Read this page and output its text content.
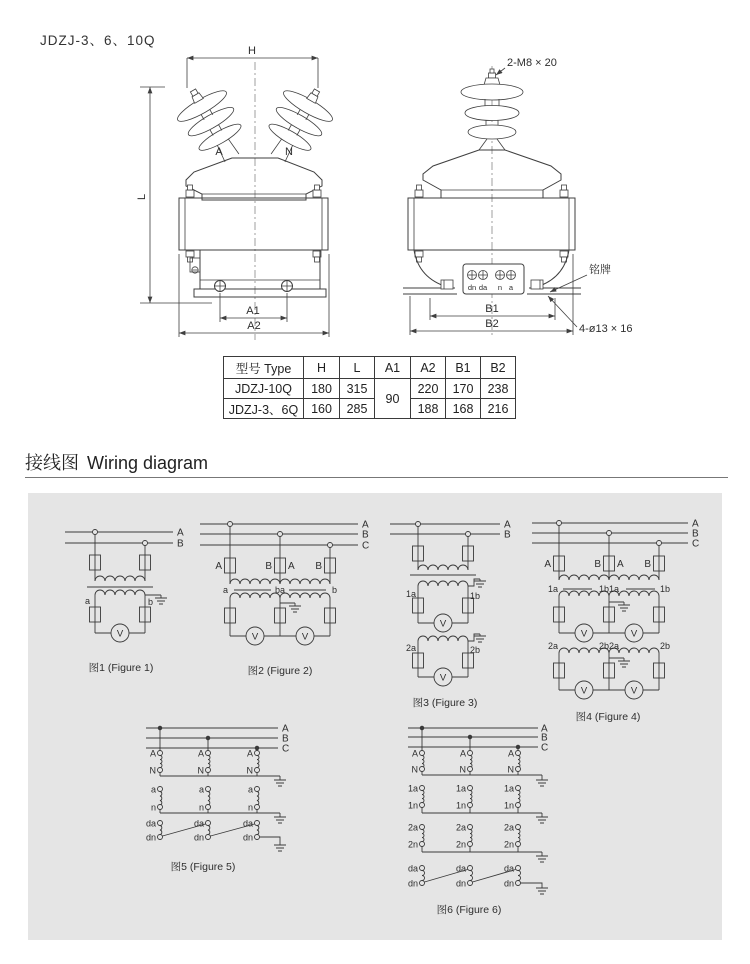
JDZJ-3、6、10Q
H
L
A	N
A1
A2
2-M8 × 20
dn da n a
铭牌
4-ø13 × 16
B1
B2
型号 Type	H	L	A1	A2	B1	B2
JDZJ-10Q	180	315	90	220	170	238
JDZJ-3、6Q	160	285		188	168	216
接线图 Wiring diagram
A
B
a	b
V
图1 (Figure 1)
A
B
C
A	B A B
a	ba	b
V	V
图2 (Figure 2)
A
B
1a	1b
V
2a	2b
V
图3 (Figure 3)
A
B
C
A	B A B
1a	1b1a	1b
V	V
2a	2b2a	2b
V	V
图4 (Figure 4)
A
B
C
A	A	A
N	N	N
a	a	a
n	n	n
da	da	da
dn	dn	dn
图5 (Figure 5)
A
B
C
A	A	A
N	N	N
1a	1a	1a
1n	1n	1n
2a	2a	2a
2n	2n	2n
da	da	da
dn	dn	dn
图6 (Figure 6)
